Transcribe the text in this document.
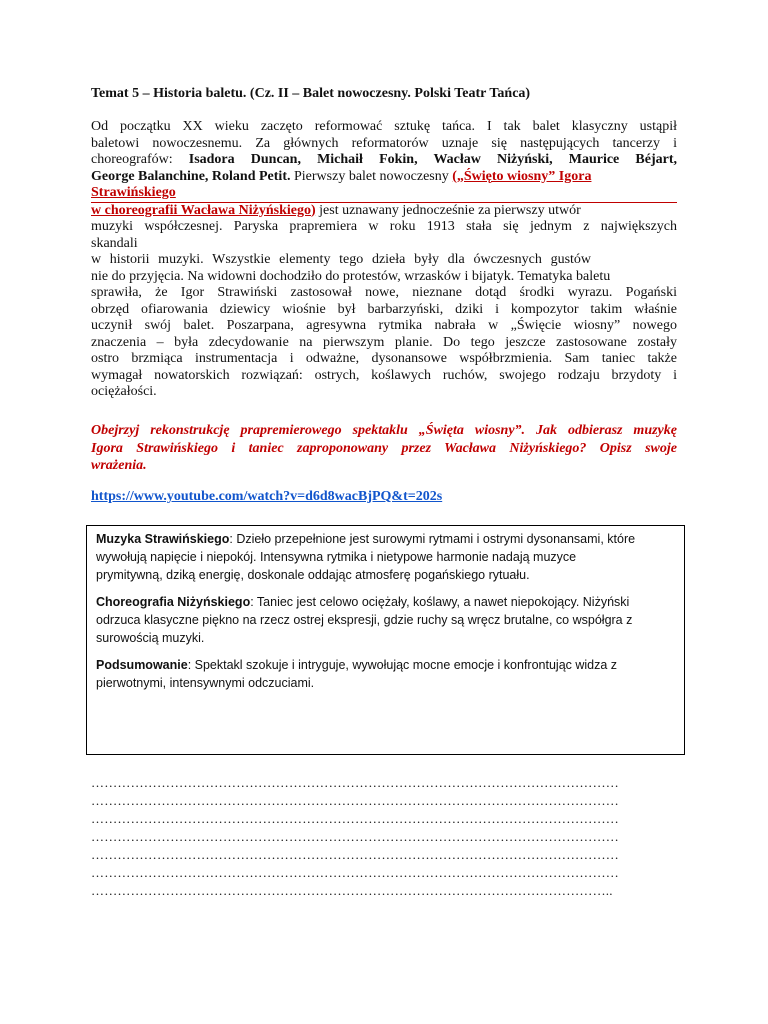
Temat 5 – Historia baletu. (Cz. II – Balet nowoczesny. Polski Teatr Tańca)
Od początku XX wieku zaczęto reformować sztukę tańca. I tak balet klasyczny ustąpił
baletowi nowoczesnemu. Za głównych reformatorów uznaje się następujących tancerzy i
choreografów: Isadora Duncan, Michaił Fokin, Wacław Niżyński, Maurice Béjart,
George Balanchine, Roland Petit. Pierwszy balet nowoczesny („Święto wiosny” Igora
Strawińskiego
w choreografii Wacława Niżyńskiego) jest uznawany jednocześnie za pierwszy utwór
muzyki współczesnej. Paryska prapremiera w roku 1913 stała się jednym z największych
skandali
w historii muzyki. Wszystkie elementy tego dzieła były dla ówczesnych gustów
nie do przyjęcia. Na widowni dochodziło do protestów, wrzasków i bijatyk. Tematyka baletu
sprawiła, że Igor Strawiński zastosował nowe, nieznane dotąd środki wyrazu. Pogański
obrzęd ofiarowania dziewicy wiośnie był barbarzyński, dziki i kompozytor takim właśnie
uczynił swój balet. Poszarpana, agresywna rytmika nabrała w „Święcie wiosny” nowego
znaczenia – była zdecydowanie na pierwszym planie. Do tego jeszcze zastosowane zostały
ostro brzmiąca instrumentacja i odważne, dysonansowe współbrzmienia. Sam taniec także
wymagał nowatorskich rozwiązań: ostrych, koślawych ruchów, swojego rodzaju brzydoty i
ociężałości.
Obejrzyj rekonstrukcję prapremierowego spektaklu „Święta wiosny”. Jak odbierasz muzykę
Igora Strawińskiego i taniec zaproponowany przez Wacława Niżyńskiego? Opisz swoje
wrażenia.
https://www.youtube.com/watch?v=d6d8wacBjPQ&t=202s

Muzyka Strawińskiego: Dzieło przepełnione jest surowymi rytmami i ostrymi dysonansami, które
wywołują napięcie i niepokój. Intensywna rytmika i nietypowe harmonie nadają muzyce
prymitywną, dziką energię, doskonale oddając atmosferę pogańskiego rytuału.

Choreografia Niżyńskiego: Taniec jest celowo ociężały, koślawy, a nawet niepokojący. Niżyński
odrzuca klasyczne piękno na rzecz ostrej ekspresji, gdzie ruchy są wręcz brutalne, co współgra z
surowością muzyki.

Podsumowanie: Spektakl szokuje i intryguje, wywołując mocne emocje i konfrontując widza z
pierwotnymi, intensywnymi odczuciami.

…………………………………………………………………………………………………………
…………………………………………………………………………………………………………
…………………………………………………………………………………………………………
…………………………………………………………………………………………………………
…………………………………………………………………………………………………………
…………………………………………………………………………………………………………
………………………………………………………………………………………………………..
